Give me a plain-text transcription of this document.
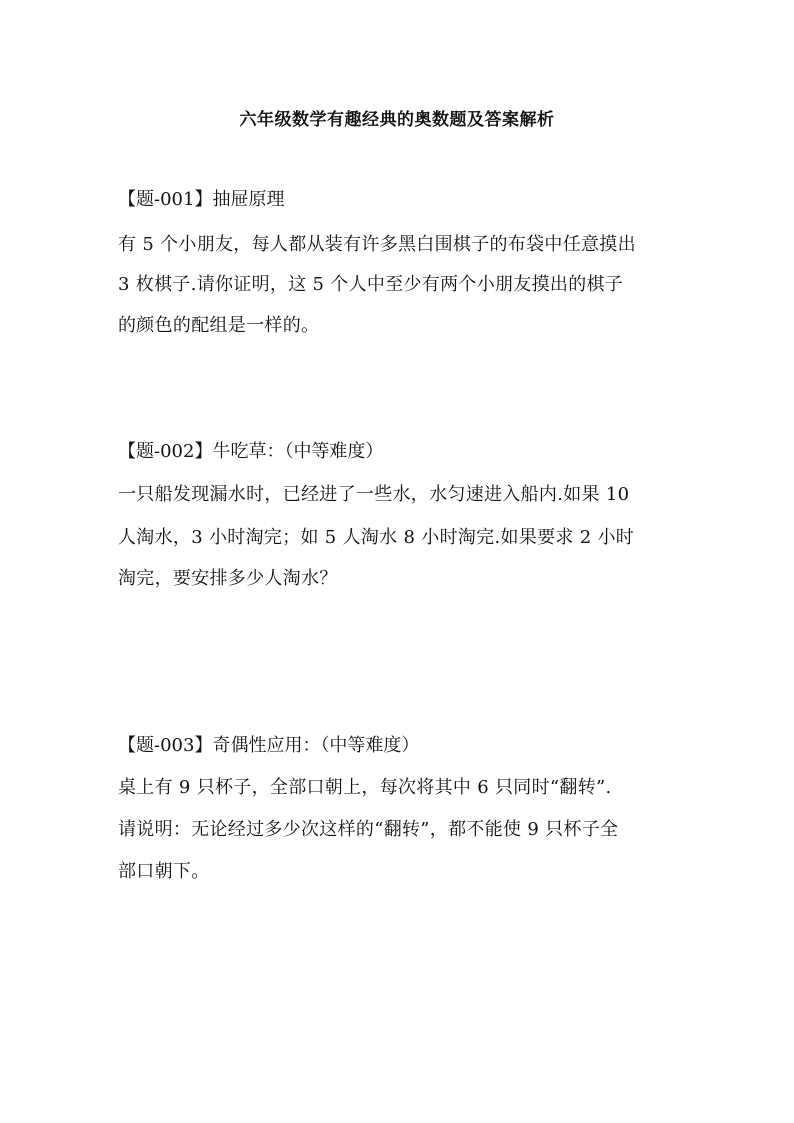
六年级数学有趣经典的奥数题及答案解析
【题-001】抽屉原理
有 5 个小朋友，每人都从装有许多黑白围棋子的布袋中任意摸出
3 枚棋子.请你证明，这 5 个人中至少有两个小朋友摸出的棋子
的颜色的配组是一样的。
【题-002】牛吃草：（中等难度）
一只船发现漏水时，已经进了一些水，水匀速进入船内.如果 10
人淘水，3 小时淘完；如 5 人淘水 8 小时淘完.如果要求 2 小时
淘完，要安排多少人淘水？
【题-003】奇偶性应用：（中等难度）
桌上有 9 只杯子，全部口朝上，每次将其中 6 只同时“翻转”.
请说明：无论经过多少次这样的“翻转”，都不能使 9 只杯子全
部口朝下。
